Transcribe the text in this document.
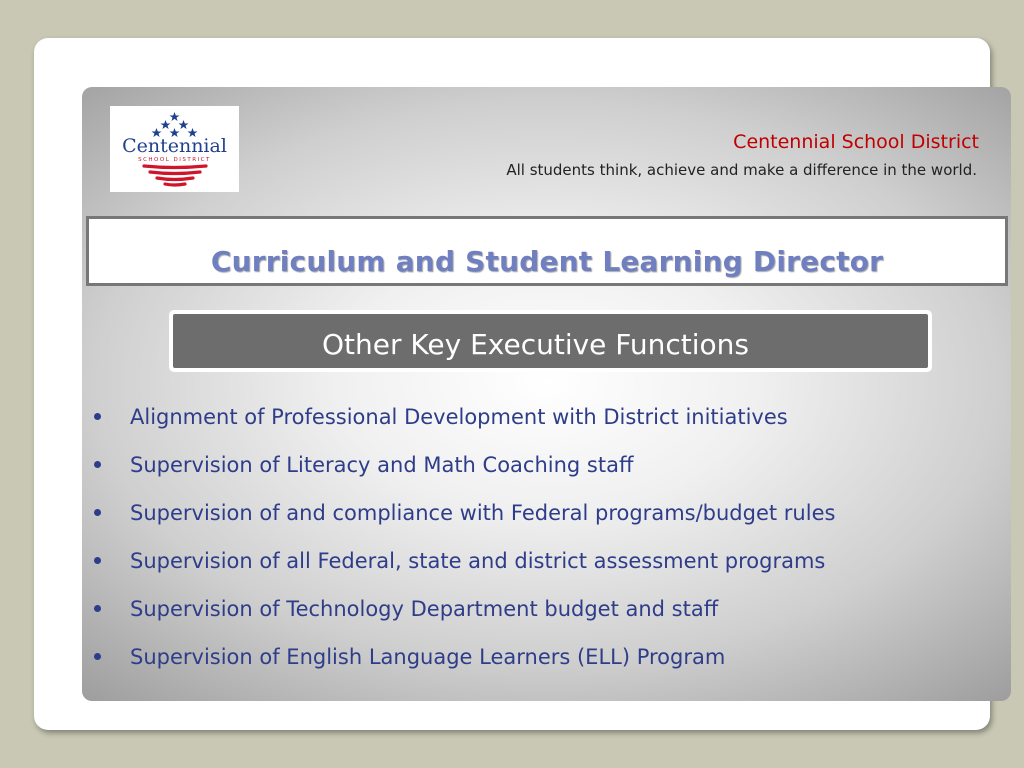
Centennial
SCHOOL DISTRICT
Centennial School District
All students think, achieve and make a difference in the world.
Curriculum and Student Learning Director
Other Key Executive Functions
Alignment of Professional Development with District initiatives
Supervision of Literacy and Math Coaching staff
Supervision of and compliance with Federal programs/budget rules
Supervision of all Federal, state and district assessment programs
Supervision of Technology Department budget and staff
Supervision of English Language Learners (ELL) Program
